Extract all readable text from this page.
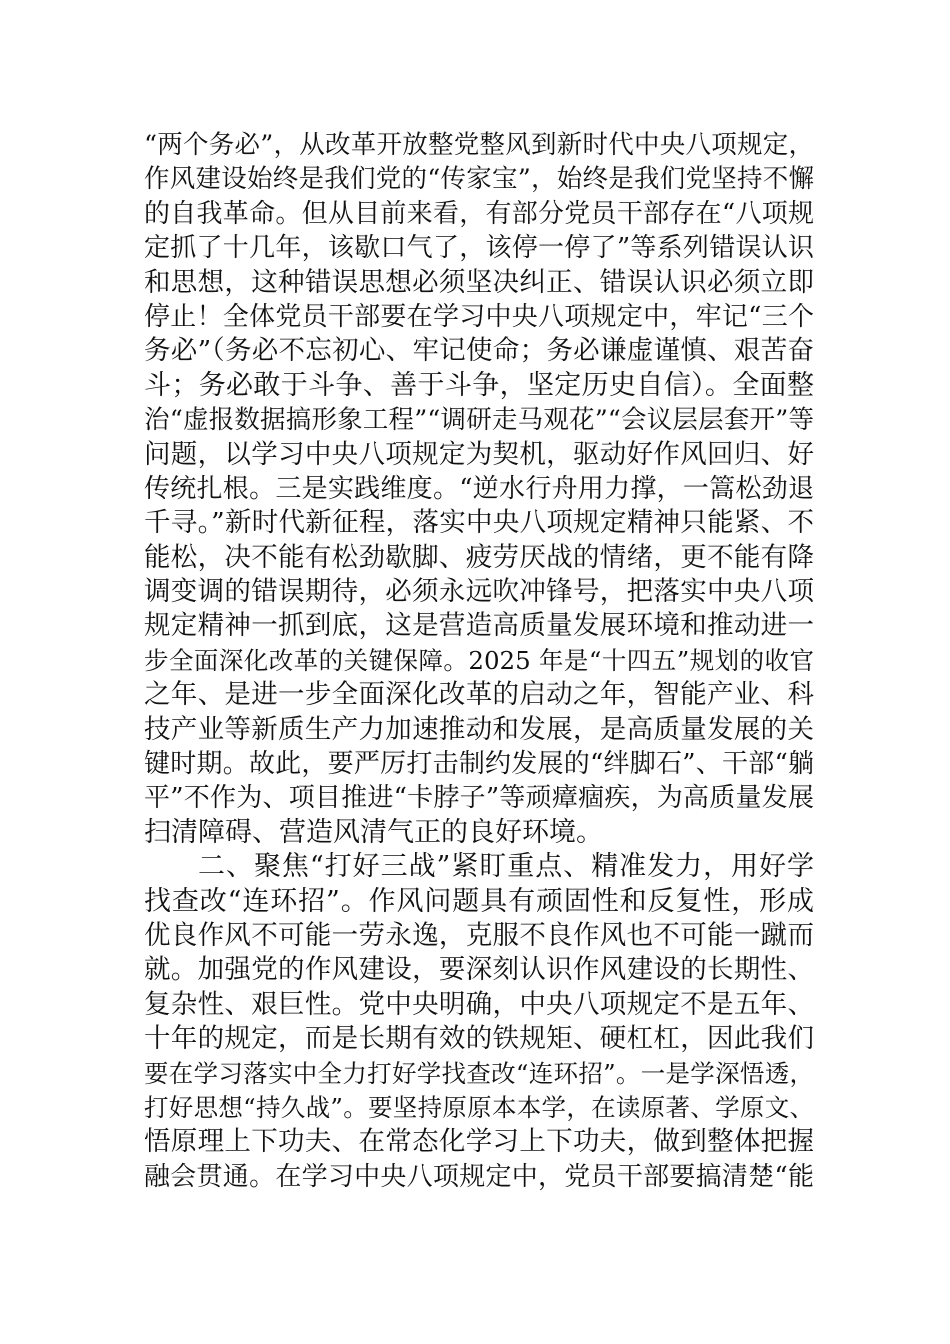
“两个务必”，从改革开放整党整风到新时代中央八项规定，
作风建设始终是我们党的“传家宝”，始终是我们党坚持不懈
的自我革命。但从目前来看，有部分党员干部存在“八项规
定抓了十几年，该歇口气了，该停一停了”等系列错误认识
和思想，这种错误思想必须坚决纠正、错误认识必须立即
停止！全体党员干部要在学习中央八项规定中，牢记“三个
务必”（务必不忘初心、牢记使命；务必谦虚谨慎、艰苦奋
斗；务必敢于斗争、善于斗争，坚定历史自信）。全面整
治“虚报数据搞形象工程”“调研走马观花”“会议层层套开”等
问题，以学习中央八项规定为契机，驱动好作风回归、好
传统扎根。三是实践维度。“逆水行舟用力撑，一篙松劲退
千寻。”新时代新征程，落实中央八项规定精神只能紧、不
能松，决不能有松劲歇脚、疲劳厌战的情绪，更不能有降
调变调的错误期待，必须永远吹冲锋号，把落实中央八项
规定精神一抓到底，这是营造高质量发展环境和推动进一
步全面深化改革的关键保障。2025 年是“十四五”规划的收官
之年、是进一步全面深化改革的启动之年，智能产业、科
技产业等新质生产力加速推动和发展，是高质量发展的关
键时期。故此，要严厉打击制约发展的“绊脚石”、干部“躺
平”不作为、项目推进“卡脖子”等顽瘴痼疾，为高质量发展
扫清障碍、营造风清气正的良好环境。
二、聚焦“打好三战”紧盯重点、精准发力，用好学
找查改“连环招”。作风问题具有顽固性和反复性，形成
优良作风不可能一劳永逸，克服不良作风也不可能一蹴而
就。加强党的作风建设，要深刻认识作风建设的长期性、
复杂性、艰巨性。党中央明确，中央八项规定不是五年、
十年的规定，而是长期有效的铁规矩、硬杠杠，因此我们
要在学习落实中全力打好学找查改“连环招”。一是学深悟透，
打好思想“持久战”。要坚持原原本本学，在读原著、学原文、
悟原理上下功夫、在常态化学习上下功夫，做到整体把握
融会贯通。在学习中央八项规定中，党员干部要搞清楚“能
